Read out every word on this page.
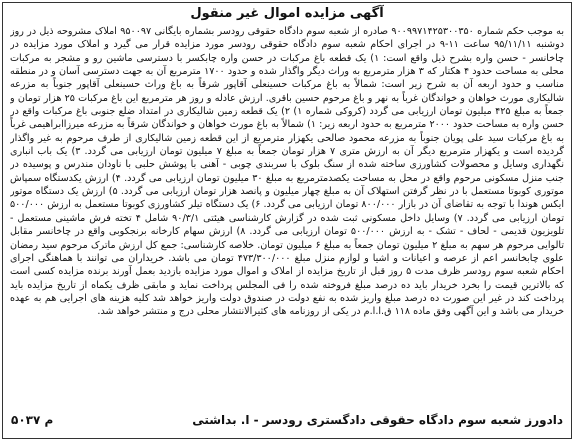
آگهی مزایده اموال غیر منقول
به موجب حکم شماره ۹۰۰۹۹۷۱۴۲۵۳۰۰۳۵۰ صادره از شعبه سوم دادگاه حقوقی رودسر بشماره بایگانی ۹۵۰۰۹۷ املاک مشروحه ذیل در روز دوشنبه ۹۵/۱۱/۱۱ ساعت ۱۱-۹ در اجرای احکام شعبه سوم دادگاه حقوقی رودسر مورد مزایده قرار می گیرد و املاک مورد مزایده در چاخانسر - حسن واره بشرح ذیل واقع است: ۱) یک قطعه باغ مرکبات در حسن واره چابکسر با دسترسی ماشین رو و مشجر به مرکبات محلی به مساحت حدود ۴ هکتار که ۳ هزار مترمربع به وراث دیگر واگذار شده و حدود ۱۷۰۰ مترمربع آن به جهت دسترسی آسان و در منطقه مناسب و حدود اربعه آن به شرح زیر است: شمالاً به باغ مرکبات حسینعلی آقاپور شرقاً به باغ وراث حسینعلی آقاپور جنوباً به مزرعه شالیکاری مورث خواهان و خواندگان غرباً به نهر و باغ مرحوم حسین باقری. ارزش عادله و روز هر مترمربع این باغ مرکبات ۲۵ هزار تومان و جمعاً به مبلغ ۴۲۵ میلیون تومان ارزیابی می گردد (کروکی شماره ۱) ۲) یک قطعه زمین شالیکاری در امتداد ضلع جنوبی باغ مرکبات واقع در حسن واره به مساحت حدود ۲۰۰۰ مترمربع به حدود اربعه زیر: ۱) شمالاً به باغ مورث خواهان و خواندگان شرقاً به مزرعه میرزاابراهیمی غرباً به باغ مرکبات سید علی پویان جنوباً به مزرعه محمود صالحی یکهزار مترمربع از این قطعه زمین شالیکاری از طرف مرحوم به غیر واگذار گردیده است و یکهزار مترمربع دیگر آن به ارزش متری ۷ هزار تومان جمعاً به مبلغ ۷ میلیون تومان ارزیابی می گردد. ۳) یک باب انباری نگهداری وسایل و محصولات کشاورزی ساخته شده از سنگ بلوک با سربندی چوبی - آهنی با پوشش حلبی با ناودان مندرس و پوسیده در جنب منزل مسکونی مرحوم واقع در محل به مساحت یکصدمترمربع به مبلغ ۳۰ میلیون تومان ارزیابی می گردد. ۴) ارزش یکدستگاه سمپاش موتوری کوبوتا مستعمل با در نظر گرفتن استهلاک آن به مبلغ چهار میلیون و پانصد هزار تومان ارزیابی می گردد. ۵) ارزش یک دستگاه موتور ایکس هوندا با توجه به تقاضای آن در بازار ۸۰۰/۰۰۰ تومان ارزیابی می گردد. ۶) یک دستگاه تیلر کشاورزی کوبوتا مستعمل به ارزش ۵۰۰/۰۰۰ تومان ارزیابی می گردد. ۷) وسایل داخل مسکونی ثبت شده در گزارش کارشناسی هیئتی ۹۰/۳/۱ شامل ۴ تخته فرش ماشینی مستعمل - تلویزیون قدیمی - لحاف - تشک - به ارزش ۵۰۰/۰۰۰ تومان ارزیابی می گردد. ۸) ارزش سهام کارخانه برنجکوبی واقع در چاخانسر مقابل تالوایی مرحوم هر سهم به مبلغ ۲ میلیون تومان جمعاً به مبلغ ۶ میلیون تومان. خلاصه کارشناسی: جمع کل ارزش ماترک مرحوم سید رمضان علوی چابخانسر اعم از عرصه و اعیانات و اشیا و لوازم منزل مبلغ ۴۷۳/۳۰۰/۰۰۰ تومان می باشد. خریداران می توانند با هماهنگی اجرای احکام شعبه سوم رودسر ظرف مدت ۵ روز قبل از تاریخ مزایده از املاک و اموال مورد مزایده بازدید بعمل آورند برنده مزایده کسی است که بالاترین قیمت را بخرد خریدار باید ده درصد مبلغ فروخته شده را فی المجلس پرداخت نماید و مابقی ظرف یکماه از تاریخ مزایده باید پرداخت کند در غیر این صورت ده درصد مبلغ واریز شده به نفع دولت در صندوق دولت واریز خواهد شد کلیه هزینه های اجرایی هم به عهده خریدار می باشد و این آگهی وفق ماده ۱۱۸ ق.ا.ا.م در یکی از روزنامه های کثیرالانتشار محلی درج و منتشر خواهد شد.
دادورز شعبه سوم دادگاه حقوقی دادگستری رودسر - ا. بداشتی
م ۵۰۳۷
